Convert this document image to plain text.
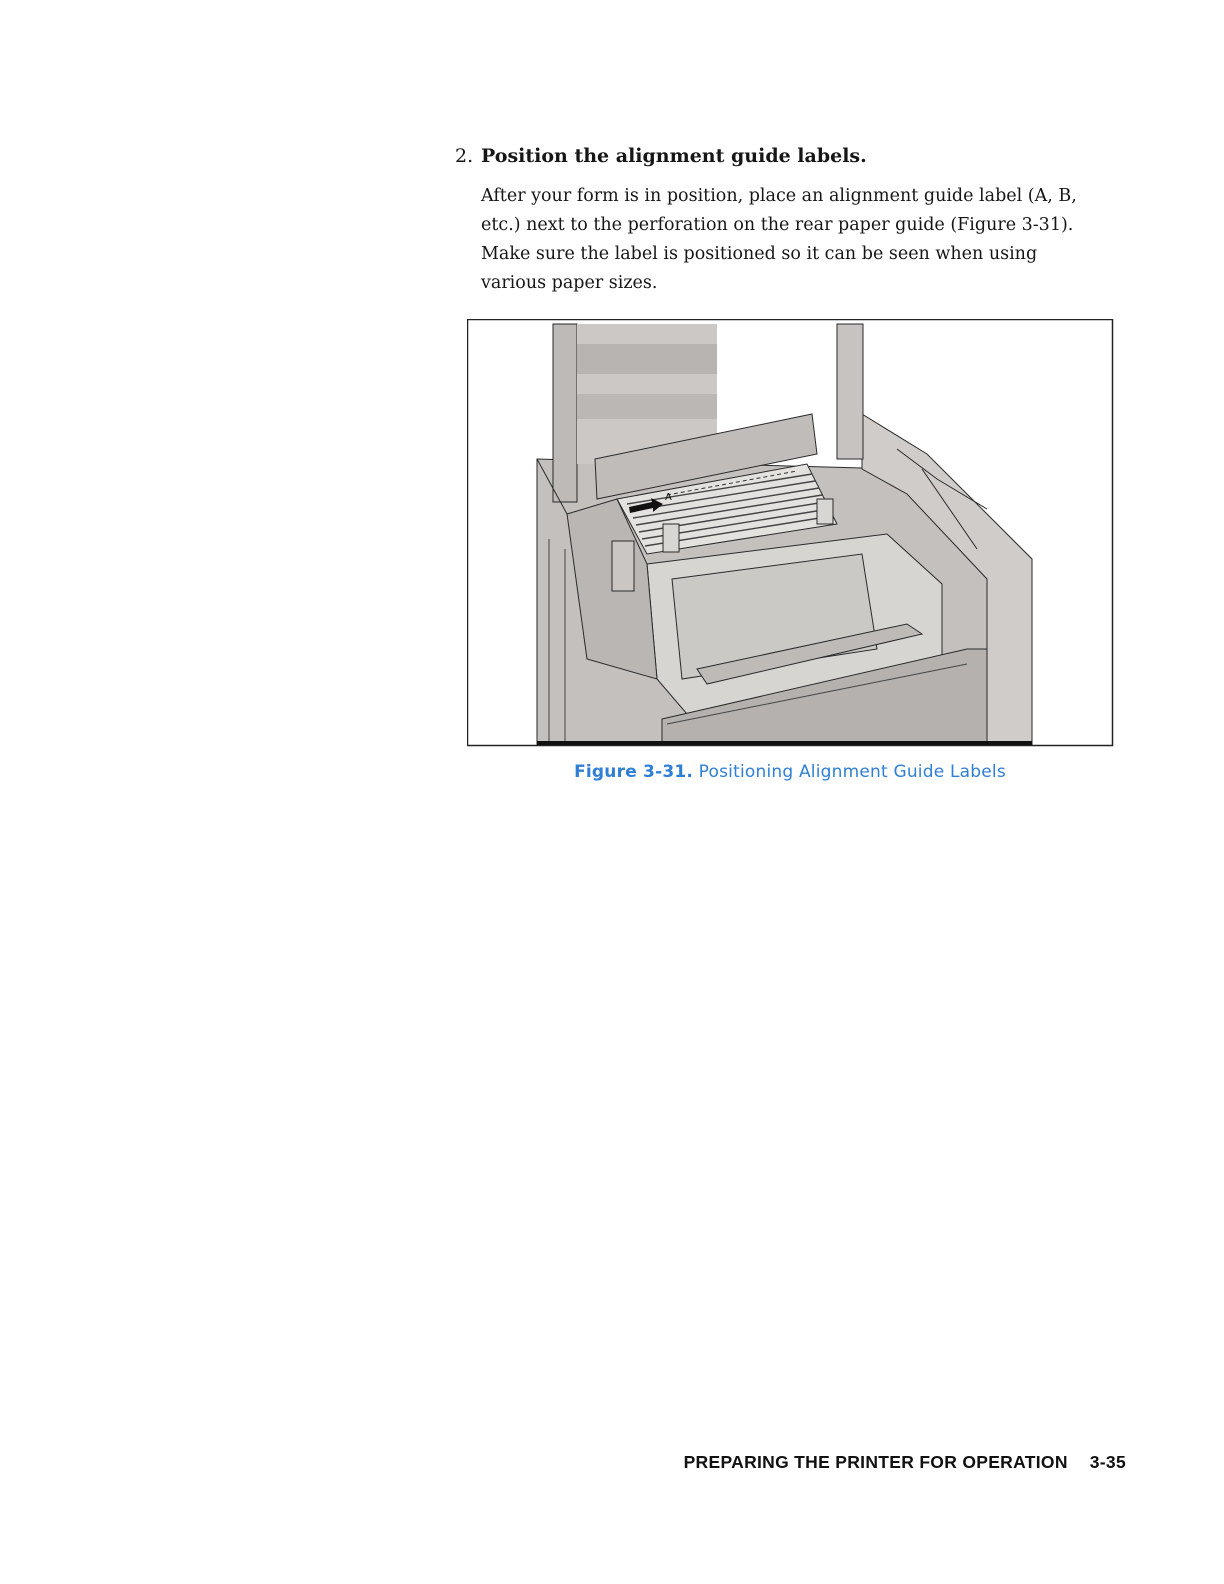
2. Position the alignment guide labels.

After your form is in position, place an alignment guide label (A, B,
etc.) next to the perforation on the rear paper guide (Figure 3-31).
Make sure the label is positioned so it can be seen when using
various paper sizes.
A
Figure 3-31. Positioning Alignment Guide Labels
PREPARING THE PRINTER FOR OPERATION 3-35
